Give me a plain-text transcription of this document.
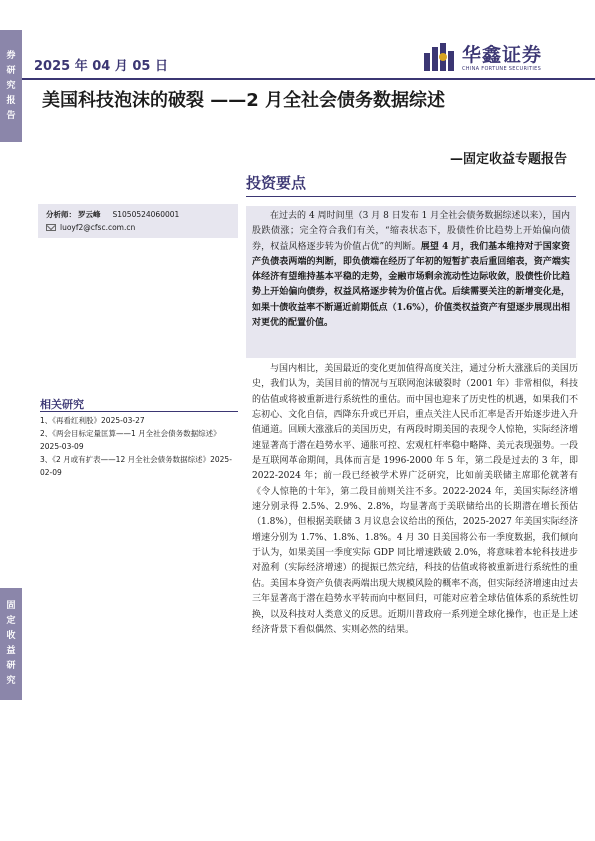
券
研
究
报
告
固
定
收
益
研
究
2025 年 04 月 05 日
华鑫证券
CHINA FORTUNE SECURITIES
美国科技泡沫的破裂 ——2 月全社会债务数据综述
—固定收益专题报告
投资要点

在过去的 4 周时间里（3 月 8 日发布 1 月全社会债务数据综述以来），国内股跌债涨；完全符合我们有关，“缩表状态下，股债性价比趋势上开始偏向债券，权益风格逐步转为价值占优”的判断。展望 4 月，我们基本维持对于国家资产负债表两端的判断，即负债端在经历了年初的短暂扩表后重回缩表，资产端实体经济有望维持基本平稳的走势，金融市场剩余流动性边际收敛，股债性价比趋势上开始偏向债券，权益风格逐步转为价值占优。后续需要关注的新增变化是，如果十债收益率不断逼近前期低点（1.6%），价值类权益资产有望逐步展现出相对更优的配置价值。

与国内相比，美国最近的变化更加值得高度关注，通过分析大涨涨后的美国历史，我们认为，美国目前的情况与互联网泡沫破裂时（2001 年）非常相似，科技的估值或将被重新进行系统性的重估。而中国也迎来了历史性的机遇，如果我们不忘初心、文化自信，西降东升或已开启，重点关注人民币汇率是否开始逐步进入升值通道。回顾大涨涨后的美国历史，有两段时期美国的表现令人惊艳，实际经济增速显著高于潜在趋势水平、通胀可控、宏观杠杆率稳中略降、美元表现强势。一段是互联网革命期间，具体而言是 1996-2000 年 5 年，第二段是过去的 3 年，即 2022-2024 年；前一段已经被学术界广泛研究，比如前美联储主席耶伦就著有《令人惊艳的十年》，第二段目前则关注不多。2022-2024 年，美国实际经济增速分别录得 2.5%、2.9%、2.8%，均显著高于美联储给出的长期潜在增长预估（1.8%），但根据美联储 3 月议息会议给出的预估，2025-2027 年美国实际经济增速分别为 1.7%、1.8%、1.8%。4 月 30 日美国将公布一季度数据，我们倾向于认为，如果美国一季度实际 GDP 同比增速跌破 2.0%，将意味着本轮科技进步对盈利（实际经济增速）的提振已然完结，科技的估值或将被重新进行系统性的重估。美国本身资产负债表两端出现大规模风险的概率不高，但实际经济增速由过去三年显著高于潜在趋势水平转而向中枢回归，可能对应着全球估值体系的系统性切换，以及科技对人类意义的反思。近期川普政府一系列逆全球化操作，也正是上述经济背景下看似偶然、实则必然的结果。

分析师： 罗云峰 S1050524060001
luoyf2@cfsc.com.cn
相关研究
1、《再看红利股》2025-03-27
2、《两会目标定量匡算——1 月全社会债务数据综述》2025-03-09
3、《2 月或有扩表——12 月全社会债务数据综述》2025-02-09
